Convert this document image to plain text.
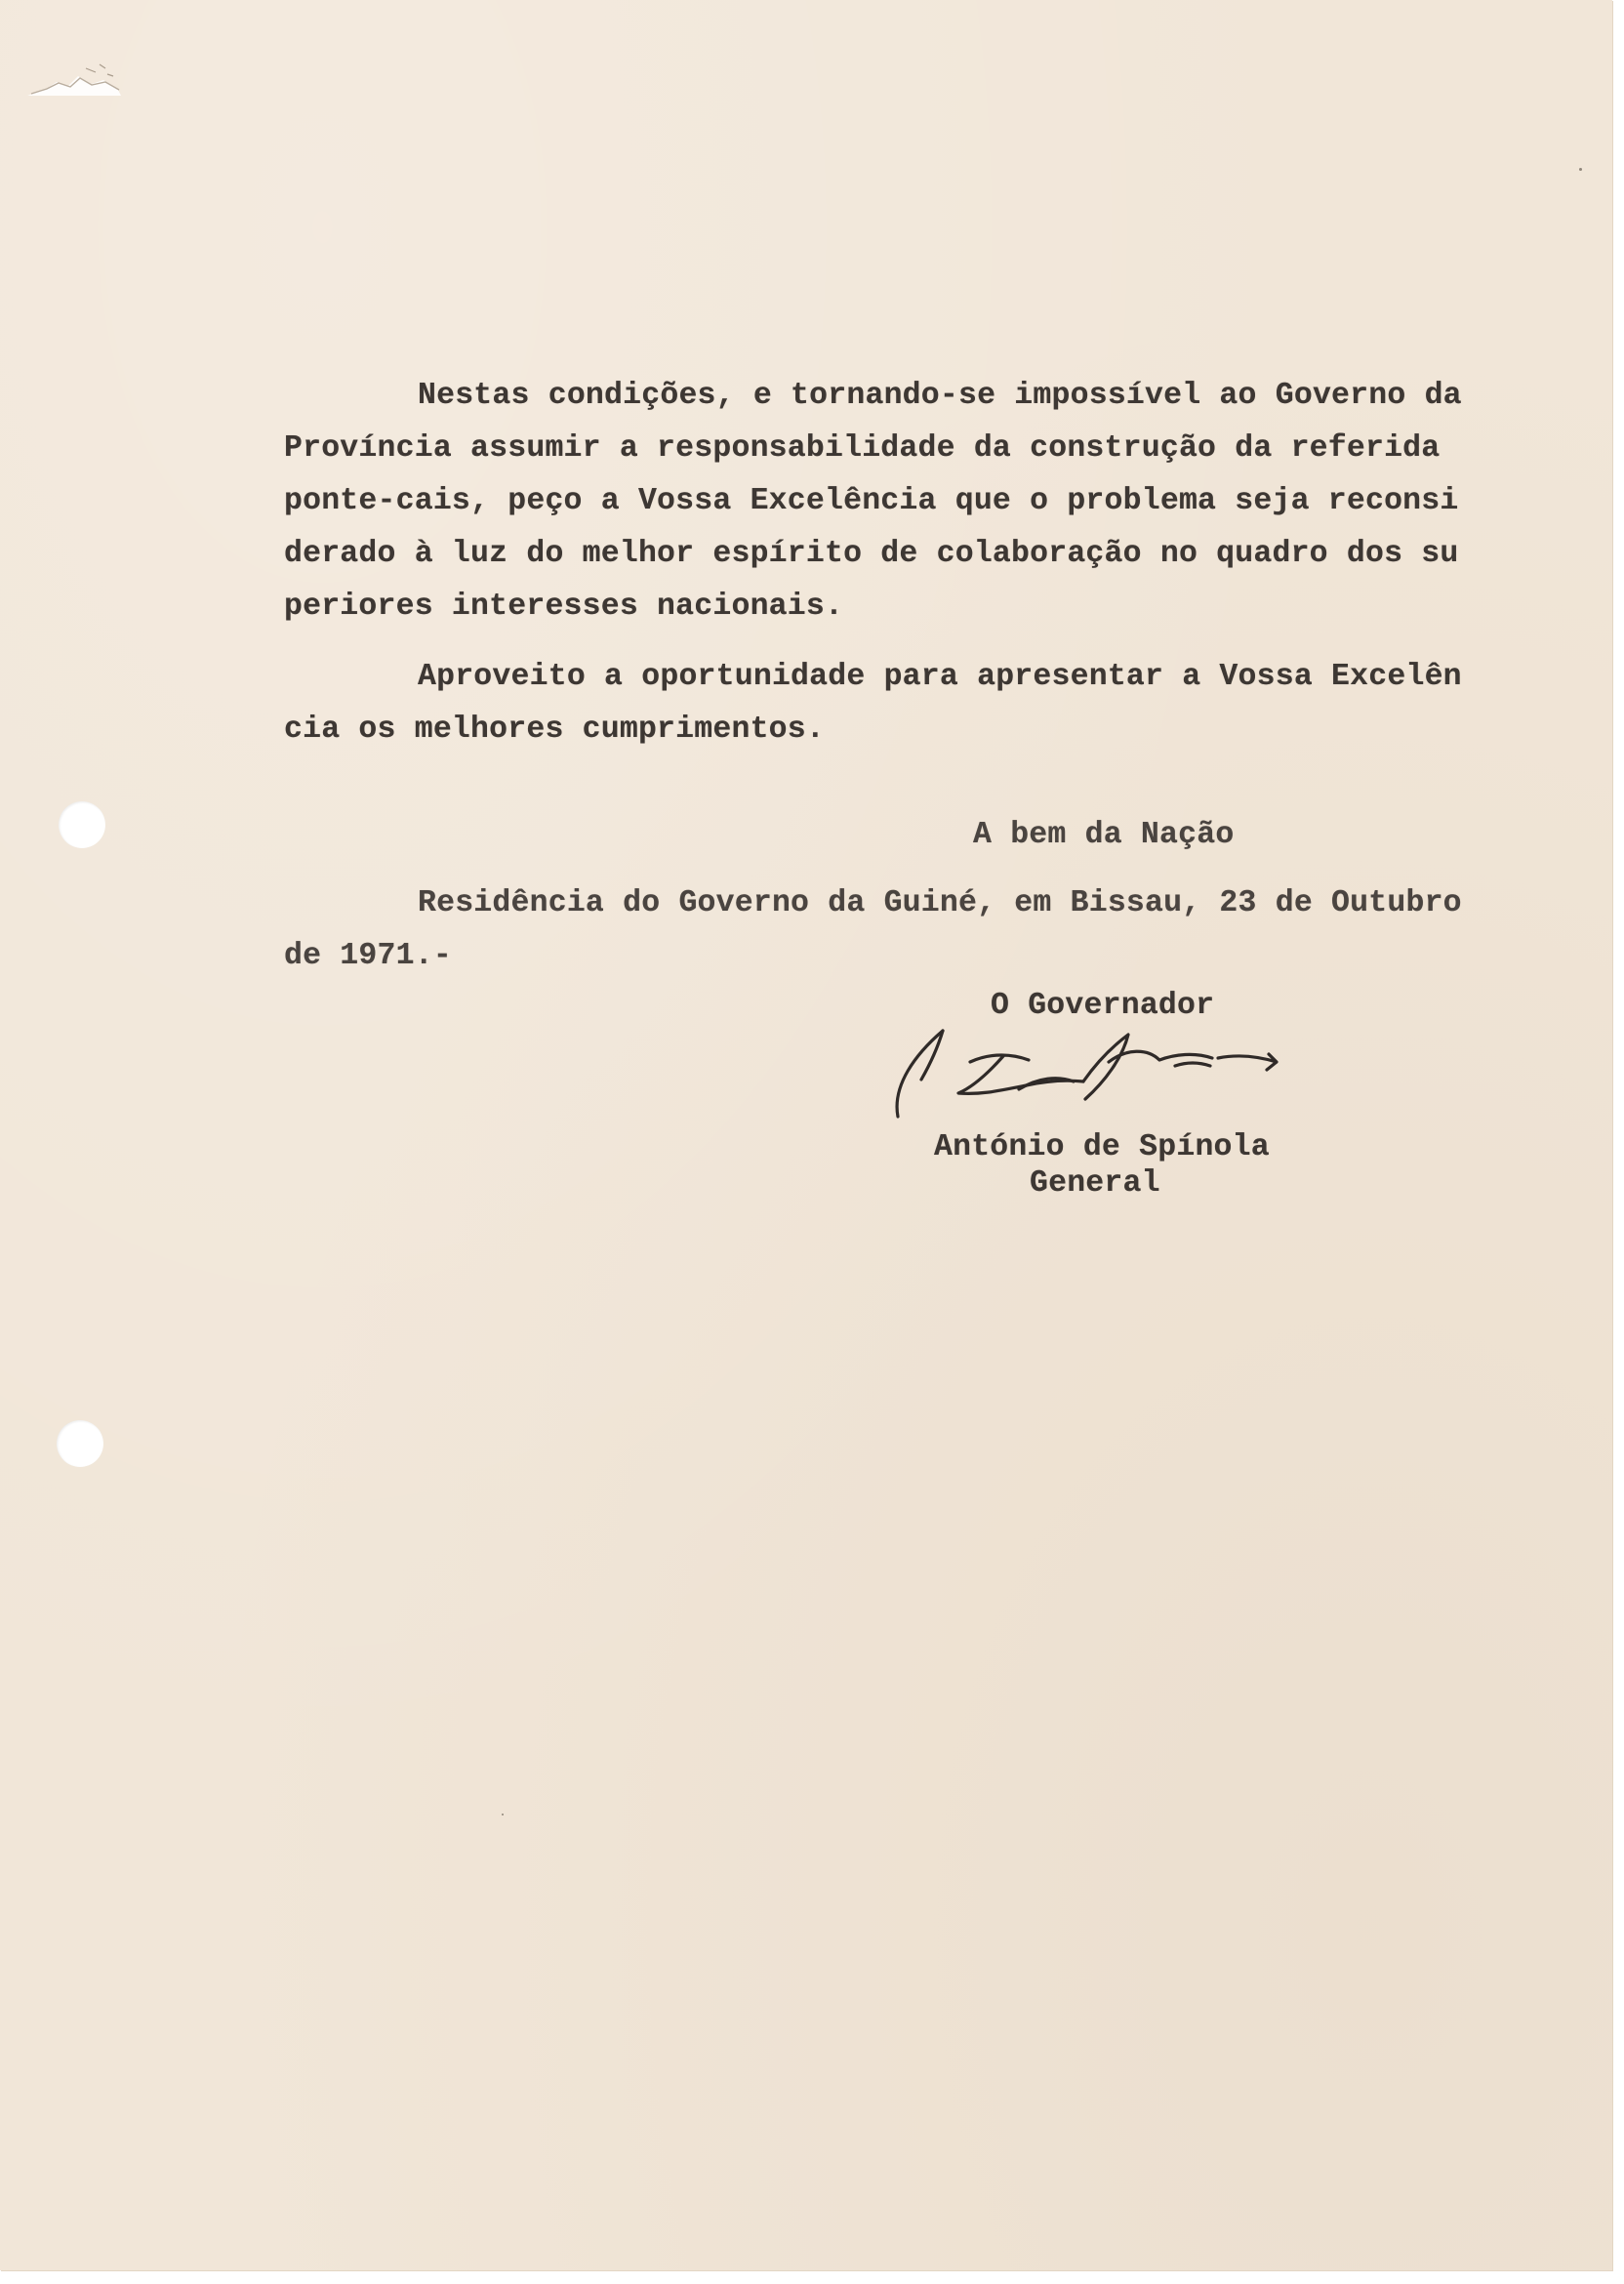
Nestas condições, e tornando-se impossível ao Governo da

Província assumir a responsabilidade da construção da referida

ponte-cais, peço a Vossa Excelência que o problema seja reconsi

derado à luz do melhor espírito de colaboração no quadro dos su

periores interesses nacionais.

Aproveito a oportunidade para apresentar a Vossa Excelên

cia os melhores cumprimentos.

A bem da Nação

Residência do Governo da Guiné, em Bissau, 23 de Outubro

de 1971.-

O Governador

António de Spínola

General
